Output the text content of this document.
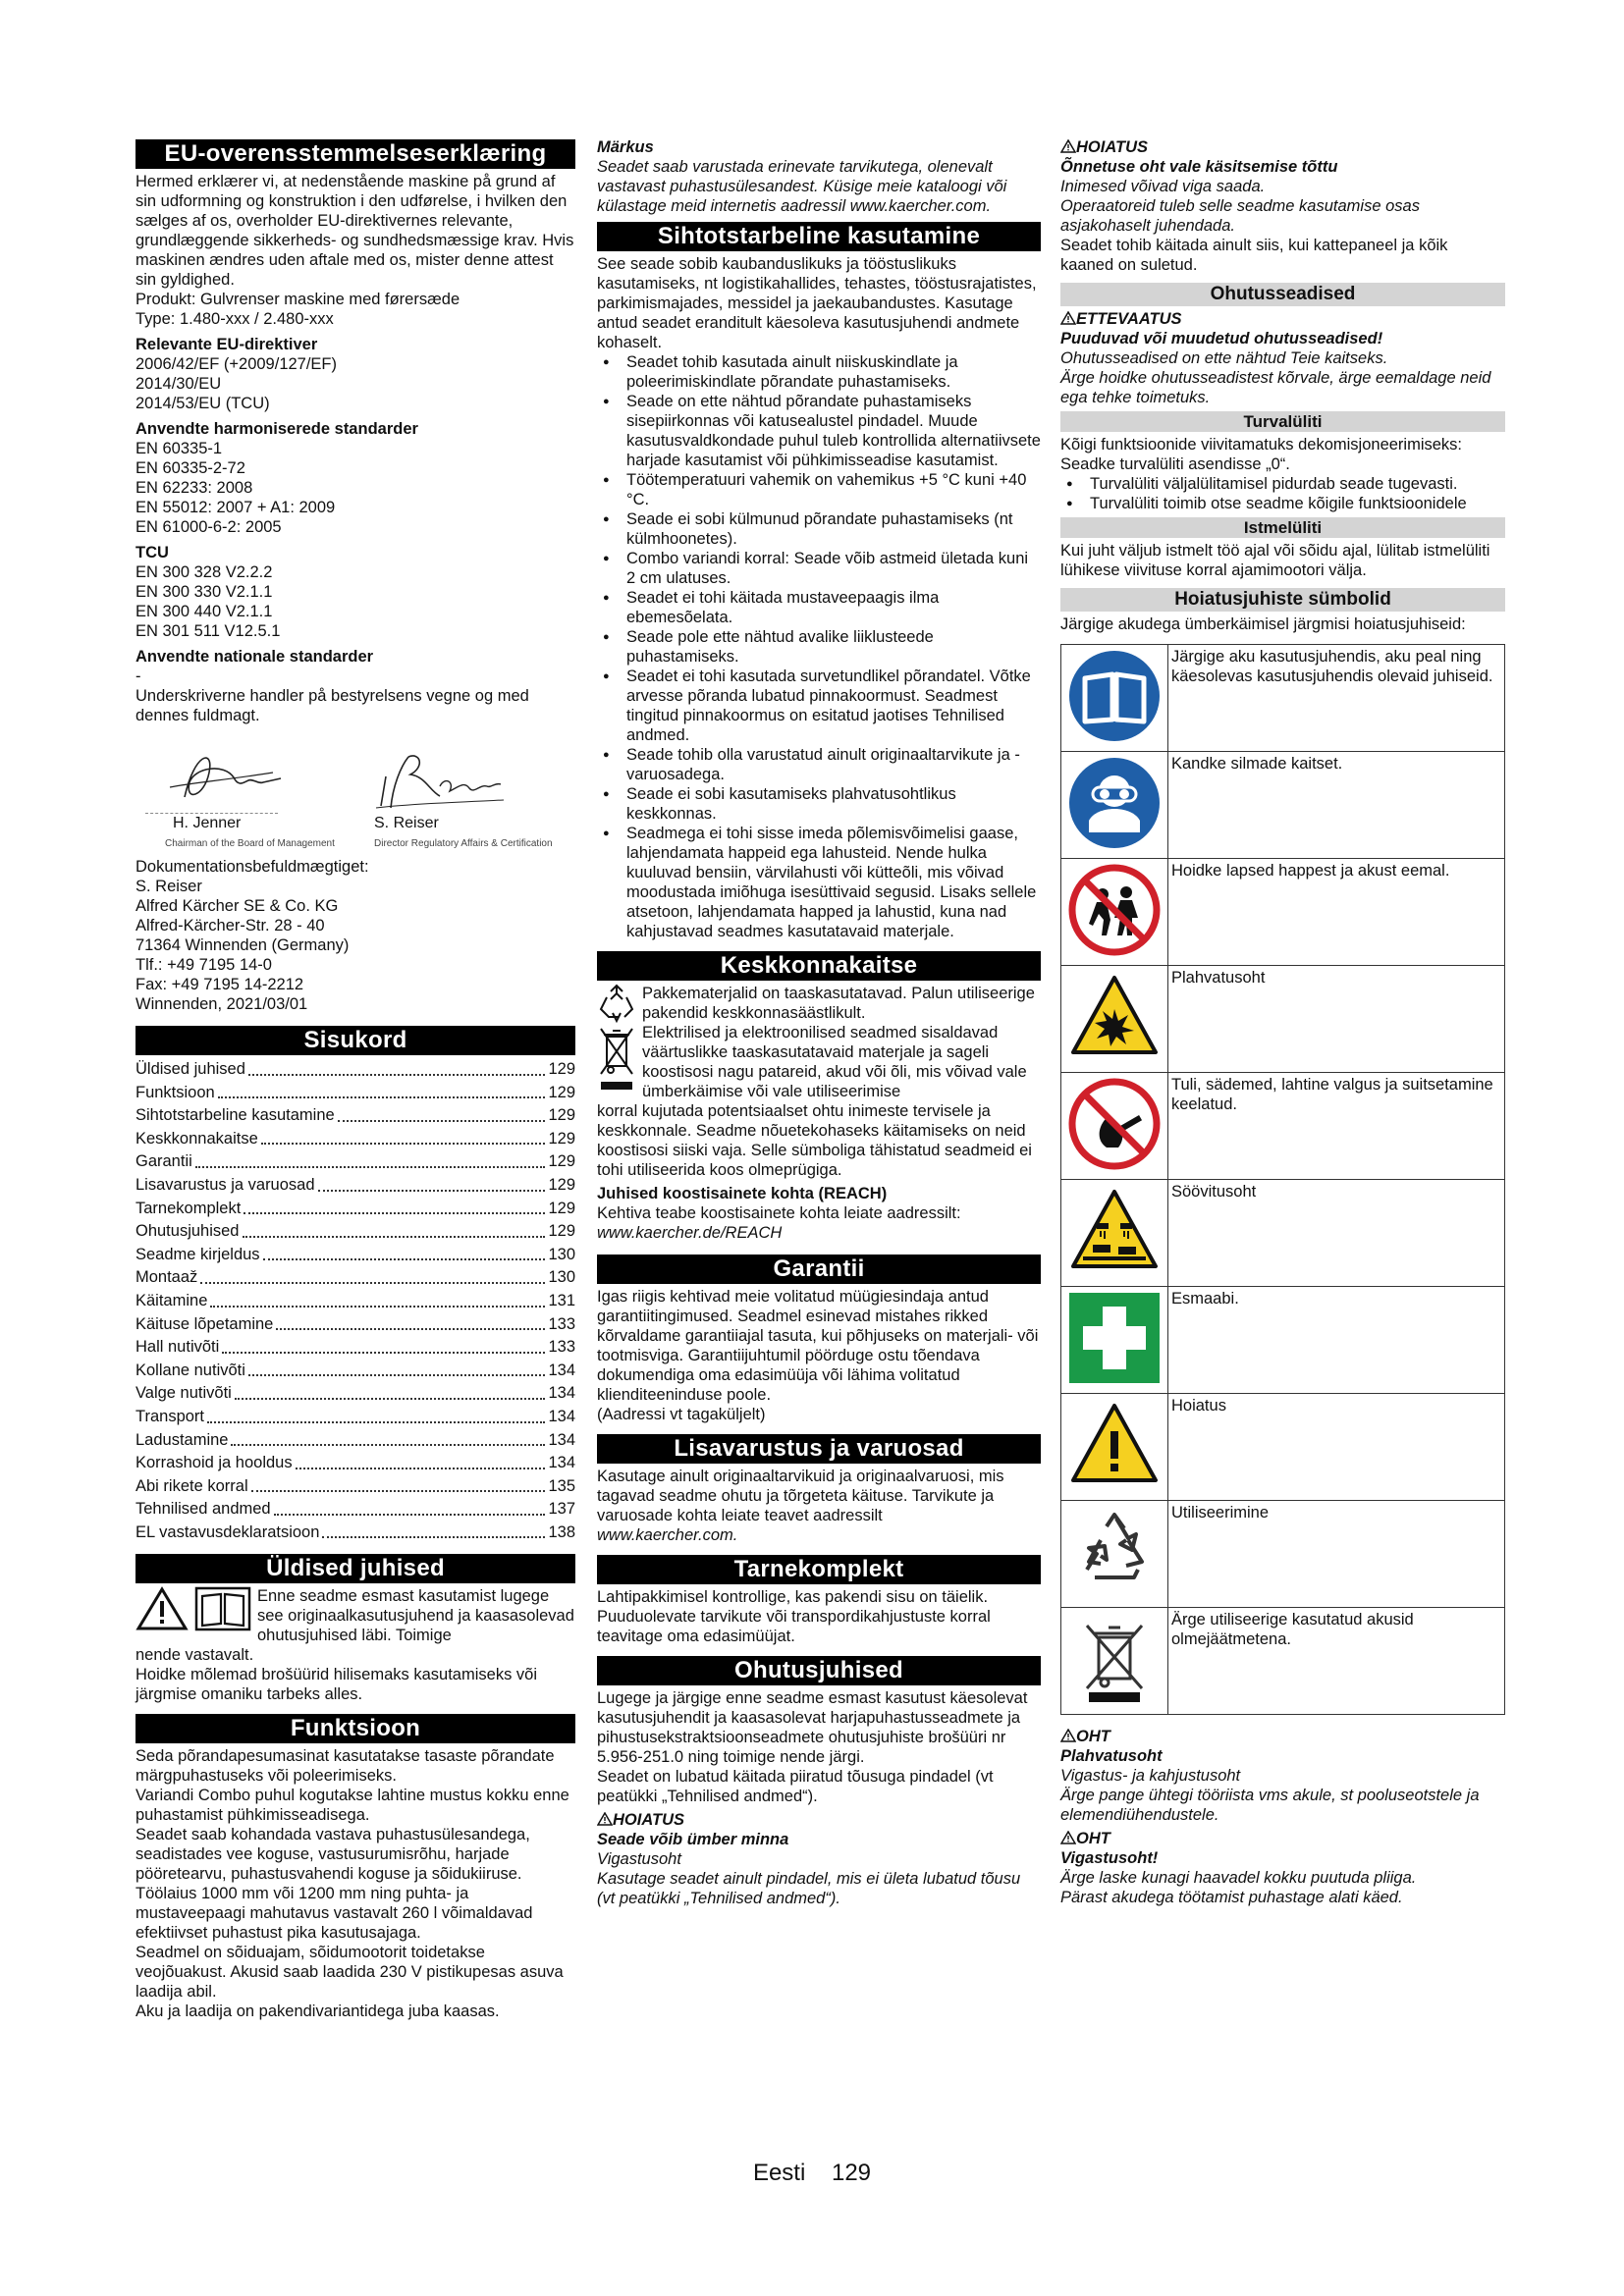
EU-overensstemmelseserklæring

Hermed erklærer vi, at nedenstående maskine på grund af sin udformning og konstruktion i den udførelse, i hvilken den sælges af os, overholder EU-direktivernes relevante, grundlæggende sikkerheds- og sundhedsmæssige krav. Hvis maskinen ændres uden aftale med os, mister denne attest sin gyldighed.

Produkt: Gulvrenser maskine med førersæde

Type: 1.480-xxx / 2.480-xxx

Relevante EU-direktiver

2006/42/EF (+2009/127/EF)

2014/30/EU

2014/53/EU (TCU)

Anvendte harmoniserede standarder

EN 60335-1

EN 60335-2-72

EN 62233: 2008

EN 55012: 2007 + A1: 2009

EN 61000-6-2: 2005

TCU

EN 300 328 V2.2.2

EN 300 330 V2.1.1

EN 300 440 V2.1.1

EN 301 511 V12.5.1

Anvendte nationale standarder

-

Underskriverne handler på bestyrelsens vegne og med dennes fuldmagt.

H. Jenner
Chairman of the Board of Management
S. Reiser
Director Regulatory Affairs & Certification

Dokumentationsbefuldmægtiget:

S. Reiser

Alfred Kärcher SE & Co. KG

Alfred-Kärcher-Str. 28 - 40

71364 Winnenden (Germany)

Tlf.: +49 7195 14-0

Fax: +49 7195 14-2212

Winnenden, 2021/03/01

Sisukord
Üldised juhised	129
Funktsioon	129
Sihtotstarbeline kasutamine	129
Keskkonnakaitse	129
Garantii	129
Lisavarustus ja varuosad	129
Tarnekomplekt	129
Ohutusjuhised	129
Seadme kirjeldus	130
Montaaž	130
Käitamine	131
Käituse lõpetamine	133
Hall nutivõti	133
Kollane nutivõti	134
Valge nutivõti	134
Transport	134
Ladustamine	134
Korrashoid ja hooldus	134
Abi rikete korral	135
Tehnilised andmed	137
EL vastavusdeklaratsioon	138
Üldised juhised

Enne seadme esmast kasutamist lugege see originaalkasutusjuhend ja kaasasolevad ohutusjuhised läbi. Toimige

nende vastavalt.

Hoidke mõlemad brošüürid hilisemaks kasutamiseks või järgmise omaniku tarbeks alles.

Funktsioon

Seda põrandapesumasinat kasutatakse tasaste põrandate märgpuhastuseks või poleerimiseks.

Variandi Combo puhul kogutakse lahtine mustus kokku enne puhastamist pühkimisseadisega.

Seadet saab kohandada vastava puhastusülesandega, seadistades vee koguse, vastusurumisrõhu, harjade pööretearvu, puhastusvahendi koguse ja sõidukiiruse.

Töölaius 1000 mm või 1200 mm ning puhta- ja mustaveepaagi mahutavus vastavalt 260 l võimaldavad efektiivset puhastust pika kasutusajaga.

Seadmel on sõiduajam, sõidumootorit toidetakse veojõuakust. Akusid saab laadida 230 V pistikupesas asuva laadija abil.

Aku ja laadija on pakendivariantidega juba kaasas.

Märkus

Seadet saab varustada erinevate tarvikutega, olenevalt vastavast puhastusülesandest. Küsige meie kataloogi või külastage meid internetis aadressil www.kaercher.com.

Sihtotstarbeline kasutamine

See seade sobib kaubanduslikuks ja tööstuslikuks kasutamiseks, nt logistikahallides, tehastes, tööstusrajatistes, parkimismajades, messidel ja jaekaubandustes. Kasutage antud seadet eranditult käesoleva kasutusjuhendi andmete kohaselt.

● Seadet tohib kasutada ainult niiskuskindlate ja poleerimiskindlate põrandate puhastamiseks.
● Seade on ette nähtud põrandate puhastamiseks sisepiirkonnas või katusealustel pindadel. Muude kasutusvaldkondade puhul tuleb kontrollida alternatiivsete harjade kasutamist või pühkimisseadise kasutamist.
● Töötemperatuuri vahemik on vahemikus +5 °C kuni +40 °C.
● Seade ei sobi külmunud põrandate puhastamiseks (nt külmhoonetes).
● Combo variandi korral: Seade võib astmeid ületada kuni 2 cm ulatuses.
● Seadet ei tohi käitada mustaveepaagis ilma ebemesõelata.
● Seade pole ette nähtud avalike liiklusteede puhastamiseks.
● Seadet ei tohi kasutada survetundlikel põrandatel. Võtke arvesse põranda lubatud pinnakoormust. Seadmest tingitud pinnakoormus on esitatud jaotises Tehnilised andmed.
● Seade tohib olla varustatud ainult originaaltarvikute ja -varuosadega.
● Seade ei sobi kasutamiseks plahvatusohtlikus keskkonnas.
● Seadmega ei tohi sisse imeda põlemisvõimelisi gaase, lahjendamata happeid ega lahusteid. Nende hulka kuuluvad bensiin, värvilahusti või kütteõli, mis võivad moodustada imiõhuga isesüttivaid segusid. Lisaks sellele atsetoon, lahjendamata happed ja lahustid, kuna nad kahjustavad seadmes kasutatavaid materjale.
Keskkonnakaitse

Pakkematerjalid on taaskasutatavad. Palun utiliseerige pakendid keskkonnasäästlikult.

Elektrilised ja elektroonilised seadmed sisaldavad väärtuslikke taaskasutatavaid materjale ja sageli koostisosi nagu patareid, akud või õli, mis võivad vale ümberkäimise või vale utiliseerimise

korral kujutada potentsiaalset ohtu inimeste tervisele ja keskkonnale. Seadme nõuetekohaseks käitamiseks on neid koostisosi siiski vaja. Selle sümboliga tähistatud seadmeid ei tohi utiliseerida koos olmeprügiga.

Juhised koostisainete kohta (REACH)

Kehtiva teabe koostisainete kohta leiate aadressilt:

www.kaercher.de/REACH

Garantii

Igas riigis kehtivad meie volitatud müügiesindaja antud garantiitingimused. Seadmel esinevad mistahes rikked kõrvaldame garantiiajal tasuta, kui põhjuseks on materjali- või tootmisviga. Garantiijuhtumil pöörduge ostu tõendava dokumendiga oma edasimüüja või lähima volitatud klienditeeninduse poole.

(Aadressi vt tagaküljelt)

Lisavarustus ja varuosad

Kasutage ainult originaaltarvikuid ja originaalvaruosi, mis tagavad seadme ohutu ja tõrgeteta käituse. Tarvikute ja varuosade kohta leiate teavet aadressilt

www.kaercher.com.

Tarnekomplekt

Lahtipakkimisel kontrollige, kas pakendi sisu on täielik. Puuduolevate tarvikute või transpordikahjustuste korral teavitage oma edasimüüjat.

Ohutusjuhised

Lugege ja järgige enne seadme esmast kasutust käesolevat kasutusjuhendit ja kaasasolevat harjapuhastusseadmete ja pihustusekstraktsioonseadmete ohutusjuhiste brošüüri nr 5.956-251.0 ning toimige nende järgi.

Seadet on lubatud käitada piiratud tõusuga pindadel (vt peatükki „Tehnilised andmed“).

HOIATUS

Seade võib ümber minna

Vigastusoht

Kasutage seadet ainult pindadel, mis ei ületa lubatud tõusu (vt peatükki „Tehnilised andmed“).

HOIATUS

Õnnetuse oht vale käsitsemise tõttu

Inimesed võivad viga saada.

Operaatoreid tuleb selle seadme kasutamise osas asjakohaselt juhendada.

Seadet tohib käitada ainult siis, kui kattepaneel ja kõik kaaned on suletud.

Ohutusseadised

ETTEVAATUS

Puuduvad või muudetud ohutusseadised!

Ohutusseadised on ette nähtud Teie kaitseks.

Ärge hoidke ohutusseadistest kõrvale, ärge eemaldage neid ega tehke toimetuks.

Turvalüliti

Kõigi funktsioonide viivitamatuks dekomisjoneerimiseks: Seadke turvalüliti asendisse „0“.

● Turvalüliti väljalülitamisel pidurdab seade tugevasti.
● Turvalüliti toimib otse seadme kõigile funktsioonidele
Istmelüliti

Kui juht väljub istmelt töö ajal või sõidu ajal, lülitab istmelüliti lühikese viivituse korral ajamimootori välja.

Hoiatusjuhiste sümbolid

Järgige akudega ümberkäimisel järgmisi hoiatusjuhiseid:

	Järgige aku kasutusjuhendis, aku peal ning käesolevas kasutusjuhendis olevaid juhiseid.
	Kandke silmade kaitset.
	Hoidke lapsed happest ja akust eemal.
	Plahvatusoht
	Tuli, sädemed, lahtine valgus ja suitsetamine keelatud.
	Söövitusoht
	Esmaabi.
	Hoiatus
	Utiliseerimine
	Ärge utiliseerige kasutatud akusid olmejäätmetena.

OHT

Plahvatusoht

Vigastus- ja kahjustusoht

Ärge pange ühtegi tööriista vms akule, st pooluseotstele ja elemendiühendustele.

OHT

Vigastusoht!

Ärge laske kunagi haavadel kokku puutuda pliiga.

Pärast akudega töötamist puhastage alati käed.

Eesti 129
